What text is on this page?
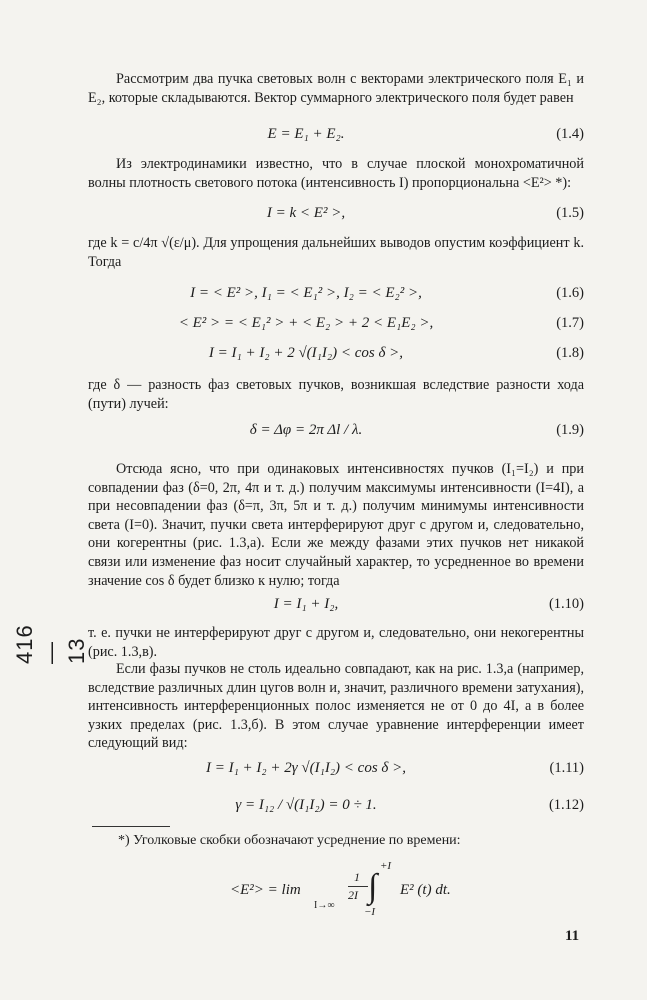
Рассмотрим два пучка световых волн с векторами электрического поля E₁ и E₂, которые складываются. Вектор суммарного электрического поля будет равен

E = E₁ + E₂.	(1.4)

Из электродинамики известно, что в случае плоской монохроматичной волны плотность светового потока (интенсивность I) пропорциональна <E²> *):

I = k < E² >,	(1.5)

где k = c/4π √(ε/μ). Для упрощения дальнейших выводов опустим коэффициент k. Тогда

I = < E² >, I₁ = < E₁² >, I₂ = < E₂² >,	(1.6)
< E² > = < E₁² > + < E₂ > + 2 < E₁E₂ >,	(1.7)
I = I₁ + I₂ + 2 √(I₁I₂) < cos δ >,	(1.8)

где δ — разность фаз световых пучков, возникшая вследствие разности хода (пути) лучей:

δ = Δφ = 2π Δl / λ.	(1.9)

Отсюда ясно, что при одинаковых интенсивностях пучков (I₁=I₂) и при совпадении фаз (δ=0, 2π, 4π и т. д.) получим максимумы интенсивности (I=4I), а при несовпадении фаз (δ=π, 3π, 5π и т. д.) получим минимумы интенсивности света (I=0). Значит, пучки света интерферируют друг с другом и, следовательно, они когерентны (рис. 1.3,а). Если же между фазами этих пучков нет никакой связи или изменение фаз носит случайный характер, то усредненное во времени значение cos δ будет близко к нулю; тогда

I = I₁ + I₂,	(1.10)

т. е. пучки не интерферируют друг с другом и, следовательно, они некогерентны (рис. 1.3,в).

Если фазы пучков не столь идеально совпадают, как на рис. 1.3,а (например, вследствие различных длин цугов волн и, значит, различного времени затухания), интенсивность интерференционных полос изменяется не от 0 до 4I, а в более узких пределах (рис. 1.3,б). В этом случае уравнение интерференции имеет следующий вид:

I = I₁ + I₂ + 2γ √(I₁I₂) < cos δ >,	(1.11)
γ = I₁₂ / √(I₁I₂) = 0 ÷ 1.	(1.12)
*) Уголковые скобки обозначают усреднение по времени:
<E²> = lim
I→∞
1
2I
+I
∫
−I
E² (t) dt.
416—13
11
